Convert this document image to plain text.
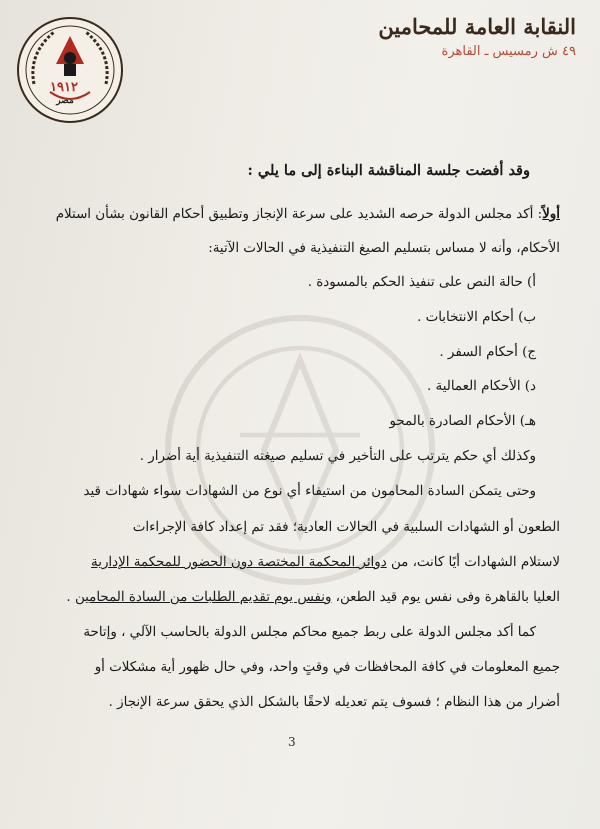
النقابة العامة للمحامين
٤٩ ش رمسيس ـ القاهرة
١٩١٢
مصر
وقد أفضت جلسة المناقشة البناءة إلى ما يلي :
أولاً: أكد مجلس الدولة حرصه الشديد على سرعة الإنجاز وتطبيق أحكام القانون بشأن استلام
الأحكام، وأنه لا مساس بتسليم الصيغ التنفيذية في الحالات الآتية:
أ) حالة النص على تنفيذ الحكم بالمسودة .
ب) أحكام الانتخابات .
ج) أحكام السفر .
د) الأحكام العمالية .
هـ) الأحكام الصادرة بالمحو
وكذلك أي حكم يترتب على التأخير في تسليم صيغته التنفيذية أية أضرار .
وحتى يتمكن السادة المحامون من استيفاء أي نوع من الشهادات سواء شهادات قيد
الطعون أو الشهادات السلبية في الحالات العادية؛ فقد تم إعداد كافة الإجراءات
لاستلام الشهادات أيًا كانت، من دوائر المحكمة المختصة دون الحضور للمحكمة الإدارية
العليا بالقاهرة وفى نفس يوم قيد الطعن، ونفس يوم تقديم الطلبات من السادة المحامين .
كما أكد مجلس الدولة على ربط جميع محاكم مجلس الدولة بالحاسب الآلي ، وإتاحة
جميع المعلومات في كافة المحافظات في وقتٍ واحد، وفي حال ظهور أية مشكلات أو
أضرار من هذا النظام ؛ فسوف يتم تعديله لاحقًا بالشكل الذي يحقق سرعة الإنجاز .
3
